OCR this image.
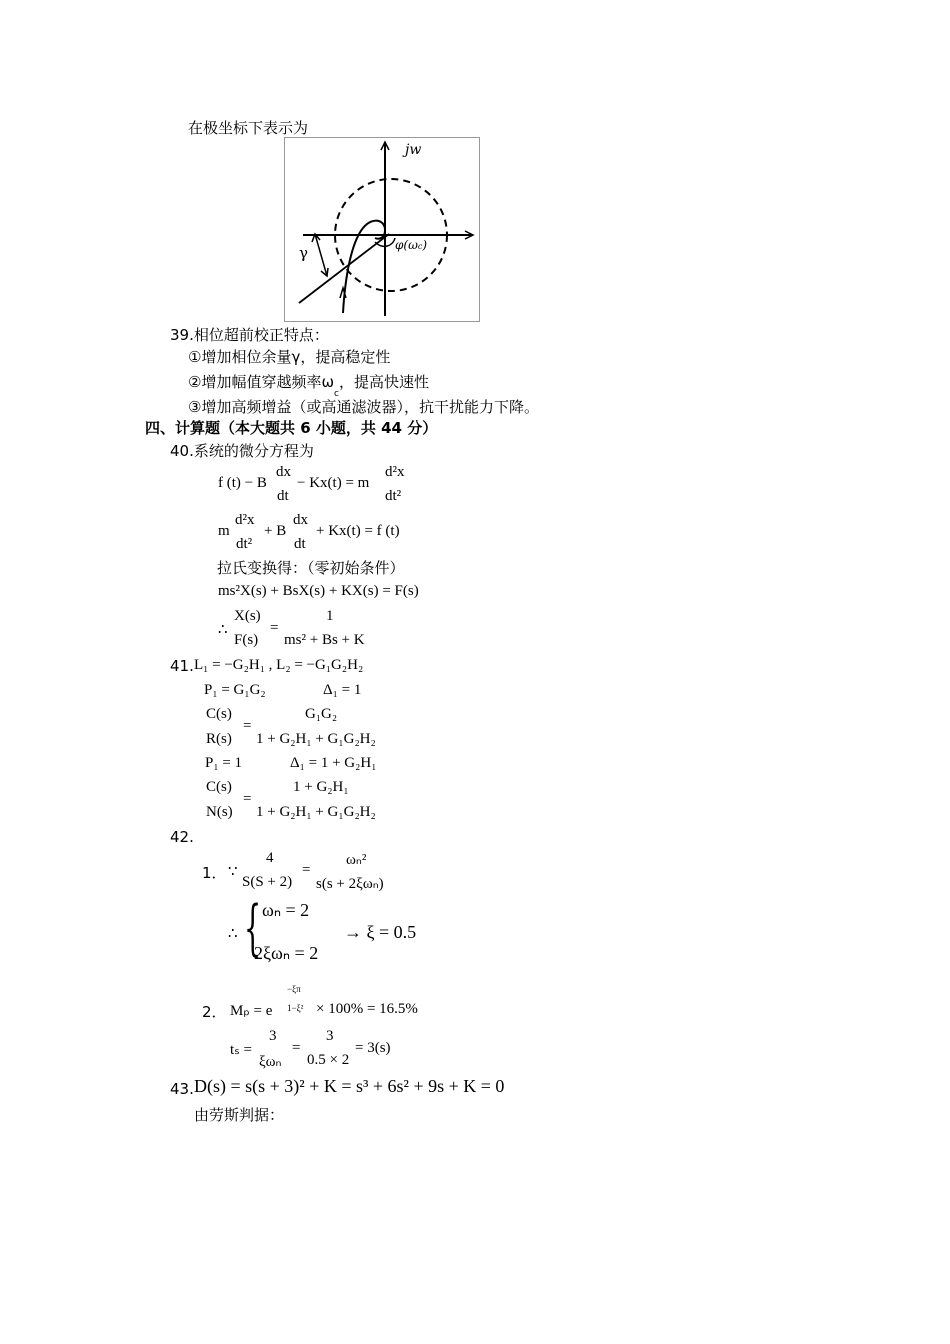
在极坐标下表示为
jw
γ	φ(ωc)
39.相位超前校正特点：
①增加相位余量γ，提高稳定性
②增加幅值穿越频率$\omega_c$，提高快速性
③增加高频增益（或高通滤波器），抗干扰能力下降。
四、计算题（本大题共 6 小题，共 44 分）
40.系统的微分方程为
f (t) − B
dx
dt
− Kx(t) = m
d²x
dt²
m
d²x
dt²
+ B
dx
dt
+ Kx(t) = f (t)
拉氏变换得：（零初始条件）
ms²X(s) + BsX(s) + KX(s) = F(s)
∴
X(s)
F(s)
=
1
ms² + Bs + K
41. L₁ = −G₂H₁ , L₂ = −G₁G₂H₂
P₁ = G₁G₂	Δ₁ = 1
C(s)
R(s)
=
G₁G₂
1 + G₂H₁ + G₁G₂H₂
P₁ = 1	Δ₁ = 1 + G₂H₁
C(s)
N(s)
=
1 + G₂H₁
1 + G₂H₁ + G₁G₂H₂
42.
1． ∵
4
S(S + 2)
=
ωₙ²
s(s + 2ξωₙ)
∴ { ωₙ = 2
2ξωₙ = 2
→ ξ = 0.5
2．
−ξπ
1−ξ²
Mₚ = e	× 100% = 16.5%
tₛ =
3
ξωₙ
=
3
0.5 × 2
= 3(s)
43. D(s) = s(s + 3)² + K = s³ + 6s² + 9s + K = 0
由劳斯判据：
